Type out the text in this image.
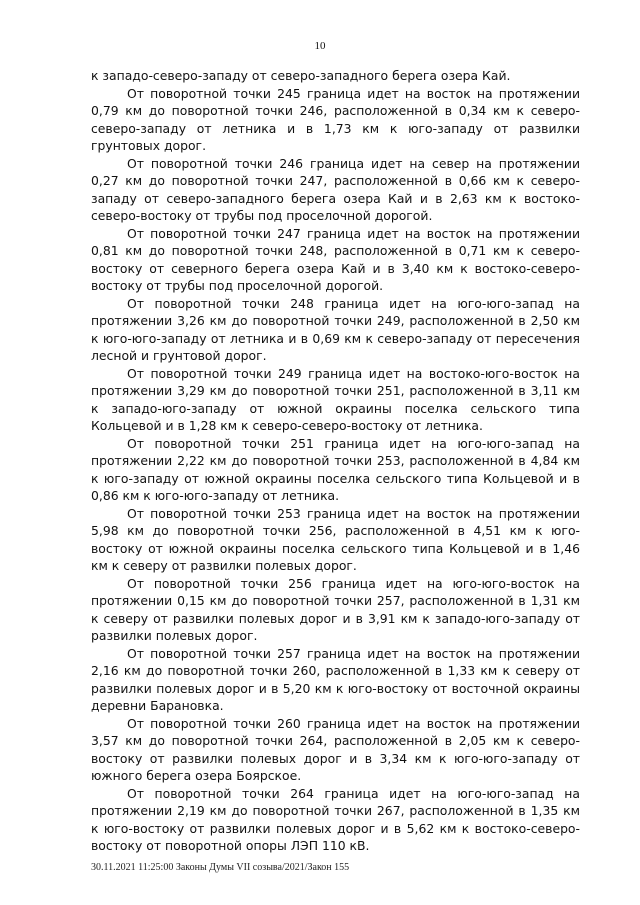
10

к западо-северо-западу от северо-западного берега озера Кай.

От поворотной точки 245 граница идет на восток на протяжении 0,79 км до поворотной точки 246, расположенной в 0,34 км к северо-северо-западу от летника и в 1,73 км к юго-западу от развилки грунтовых дорог.

От поворотной точки 246 граница идет на север на протяжении 0,27 км до поворотной точки 247, расположенной в 0,66 км к северо-западу от северо-западного берега озера Кай и в 2,63 км к востоко-северо-востоку от трубы под проселочной дорогой.

От поворотной точки 247 граница идет на восток на протяжении 0,81 км до поворотной точки 248, расположенной в 0,71 км к северо-востоку от северного берега озера Кай и в 3,40 км к востоко-северо-востоку от трубы под проселочной дорогой.

От поворотной точки 248 граница идет на юго-юго-запад на протяжении 3,26 км до поворотной точки 249, расположенной в 2,50 км к юго-юго-западу от летника и в 0,69 км к северо-западу от пересечения лесной и грунтовой дорог.

От поворотной точки 249 граница идет на востоко-юго-восток на протяжении 3,29 км до поворотной точки 251, расположенной в 3,11 км к западо-юго-западу от южной окраины поселка сельского типа Кольцевой и в 1,28 км к северо-северо-востоку от летника.

От поворотной точки 251 граница идет на юго-юго-запад на протяжении 2,22 км до поворотной точки 253, расположенной в 4,84 км к юго-западу от южной окраины поселка сельского типа Кольцевой и в 0,86 км к юго-юго-западу от летника.

От поворотной точки 253 граница идет на восток на протяжении 5,98 км до поворотной точки 256, расположенной в 4,51 км к юго-востоку от южной окраины поселка сельского типа Кольцевой и в 1,46 км к северу от развилки полевых дорог.

От поворотной точки 256 граница идет на юго-юго-восток на протяжении 0,15 км до поворотной точки 257, расположенной в 1,31 км к северу от развилки полевых дорог и в 3,91 км к западо-юго-западу от развилки полевых дорог.

От поворотной точки 257 граница идет на восток на протяжении 2,16 км до поворотной точки 260, расположенной в 1,33 км к северу от развилки полевых дорог и в 5,20 км к юго-востоку от восточной окраины деревни Барановка.

От поворотной точки 260 граница идет на восток на протяжении 3,57 км до поворотной точки 264, расположенной в 2,05 км к северо-востоку от развилки полевых дорог и в 3,34 км к юго-юго-западу от южного берега озера Боярское.

От поворотной точки 264 граница идет на юго-юго-запад на протяжении 2,19 км до поворотной точки 267, расположенной в 1,35 км к юго-востоку от развилки полевых дорог и в 5,62 км к востоко-северо-востоку от поворотной опоры ЛЭП 110 кВ.

30.11.2021 11:25:00 Законы Думы VII созыва/2021/Закон 155
